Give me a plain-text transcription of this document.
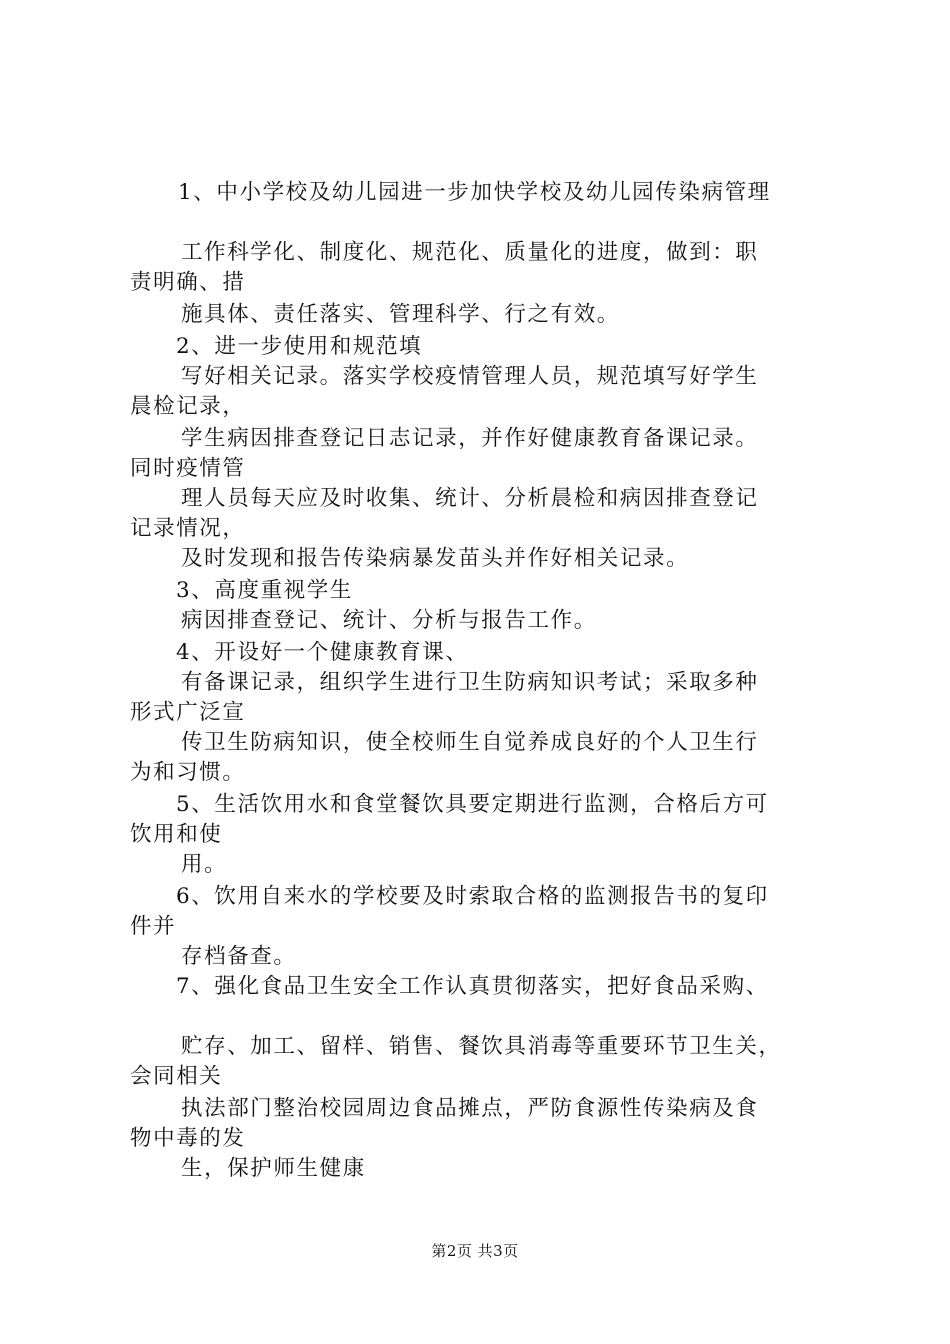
1、中小学校及幼儿园进一步加快学校及幼儿园传染病管理
工作科学化、制度化、规范化、质量化的进度，做到：职
责明确、措
施具体、责任落实、管理科学、行之有效。
2、进一步使用和规范填
写好相关记录。落实学校疫情管理人员，规范填写好学生
晨检记录，
学生病因排查登记日志记录，并作好健康教育备课记录。
同时疫情管
理人员每天应及时收集、统计、分析晨检和病因排查登记
记录情况，
及时发现和报告传染病暴发苗头并作好相关记录。
3、高度重视学生
病因排查登记、统计、分析与报告工作。
4、开设好一个健康教育课、
有备课记录，组织学生进行卫生防病知识考试；采取多种
形式广泛宣
传卫生防病知识，使全校师生自觉养成良好的个人卫生行
为和习惯。
5、生活饮用水和食堂餐饮具要定期进行监测，合格后方可
饮用和使
用。
6、饮用自来水的学校要及时索取合格的监测报告书的复印
件并
存档备查。
7、强化食品卫生安全工作认真贯彻落实，把好食品采购、
贮存、加工、留样、销售、餐饮具消毒等重要环节卫生关，
会同相关
执法部门整治校园周边食品摊点，严防食源性传染病及食
物中毒的发
生，保护师生健康
第2页 共3页
